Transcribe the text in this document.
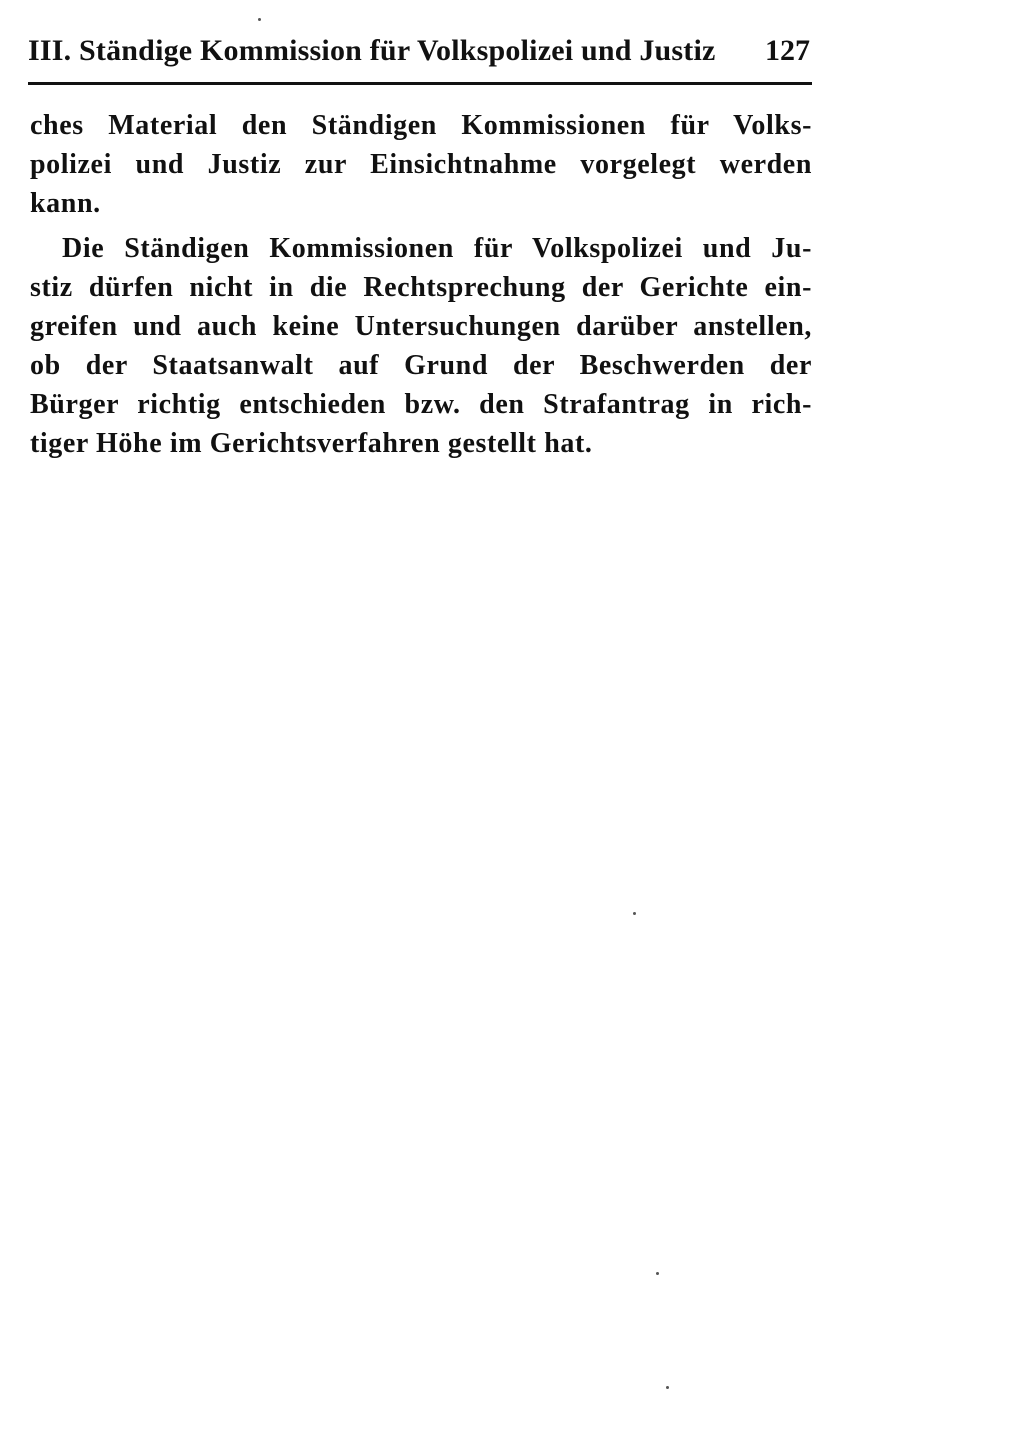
III. Ständige Kommission für Volkspolizei und Justiz 127
ches Material den Ständigen Kommissionen für Volks-
polizei und Justiz zur Einsichtnahme vorgelegt werden
kann.
Die Ständigen Kommissionen für Volkspolizei und Ju-
stiz dürfen nicht in die Rechtsprechung der Gerichte ein-
greifen und auch keine Untersuchungen darüber anstellen,
ob der Staatsanwalt auf Grund der Beschwerden der
Bürger richtig entschieden bzw. den Strafantrag in rich-
tiger Höhe im Gerichtsverfahren gestellt hat.
